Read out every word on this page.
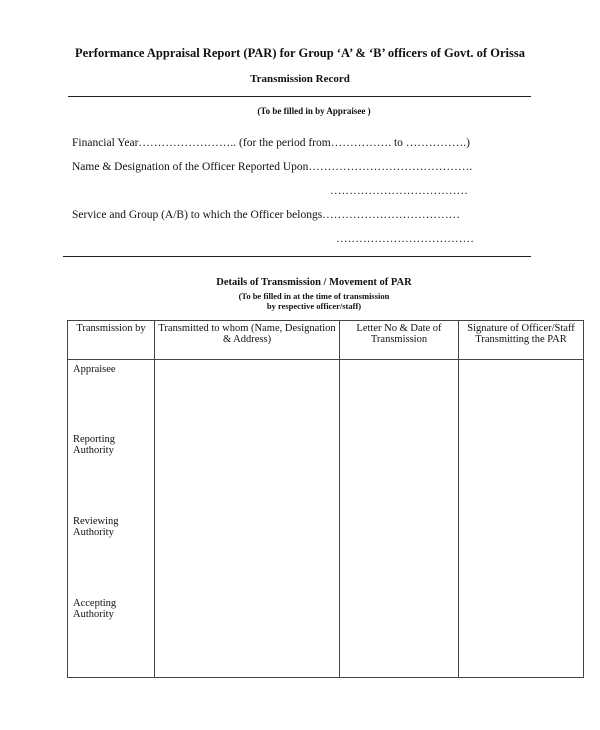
Performance Appraisal Report (PAR) for Group ‘A’ & ‘B’ officers of Govt. of Orissa
Transmission Record
(To be filled in by Appraisee )
Financial Year…………………….. (for the period from……………. to …………….)
Name & Designation of the Officer Reported Upon…………………………………….
………………………………
Service and Group (A/B) to which the Officer belongs………………………………
………………………………
Details of Transmission / Movement of PAR
(To be filled in at the time of transmission
by respective officer/staff)
Transmission by	Transmitted to whom (Name, Designation & Address)	Letter No & Date of Transmission	Signature of Officer/Staff Transmitting the PAR

Appraisee
Reporting Authority
Reviewing Authority
Accepting Authority			
